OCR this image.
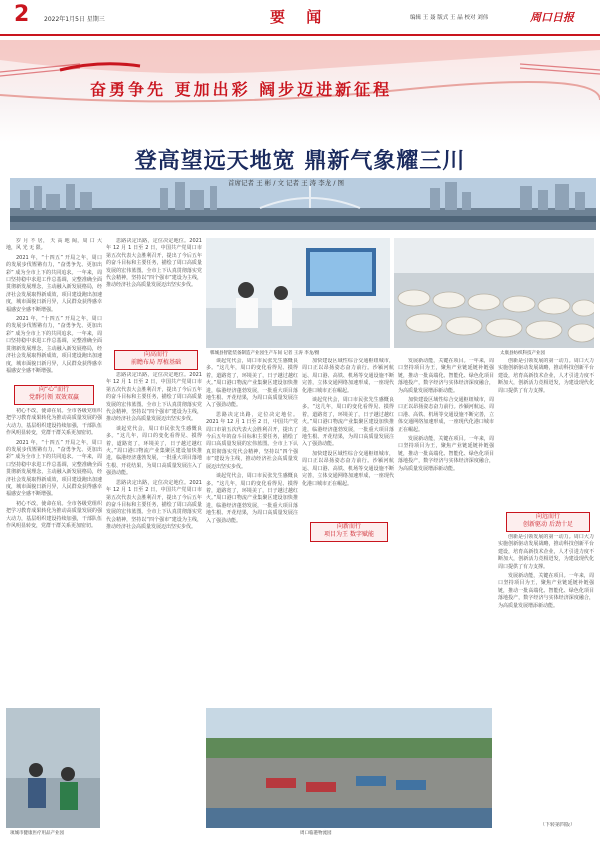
2 2022年1月5日 星期三	要 闻	编辑 王 聂 版式 王 晶 校对 刘伟	周口日报
奋勇争先 更加出彩 阔步迈进新征程
登高望远天地宽 鼎新气象耀三川
首席记者 王 彬 / 文 记者 王 涛 李龙 / 图

岁 月 不 居， 天 高 地 阔，周 口 大 地，风 光 无 限。

2021 年，“十四五” 开局之年，周口的发展步伐铿锵有力，“奋勇争先、更加出彩” 成为全市上下的共同追求。一年来，周口坚持稳中求进工作总基调，完整准确全面贯彻新发展理念，主动融入新发展格局，经济社会发展取得新成效，项目建设跑出加速度，城市面貌日新月异，人民群众获得感幸福感安全感不断增强。

2021 年，“十四五” 开局之年，周口的发展步伐铿锵有力，“奋勇争先、更加出彩” 成为全市上下的共同追求。一年来，周口坚持稳中求进工作总基调，完整准确全面贯彻新发展理念，主动融入新发展格局，经济社会发展取得新成效，项目建设跑出加速度，城市面貌日新月异，人民群众获得感幸福感安全感不断增强。

向“心”而行
党群引领 双效双赢

初心不改，使命在肩。全市各级党组织把学习教育成果转化为推动高质量发展的强大动力，基层组织建设持续加强，干部队伍作风明显转变，党群干群关系更加密切。

2021 年，“十四五” 开局之年，周口的发展步伐铿锵有力，“奋勇争先、更加出彩” 成为全市上下的共同追求。一年来，周口坚持稳中求进工作总基调，完整准确全面贯彻新发展理念，主动融入新发展格局，经济社会发展取得新成效，项目建设跑出加速度，城市面貌日新月异，人民群众获得感幸福感安全感不断增强。

初心不改，使命在肩。全市各级党组织把学习教育成果转化为推动高质量发展的强大动力，基层组织建设持续加强，干部队伍作风明显转变，党群干群关系更加密切。

思路决定出路，定位决定地位。2021 年 12 月 1 日至 2 日，中国共产党周口市第五次代表大会胜利召开，提出了今后五年的奋斗目标和主要任务，描绘了周口高质量发展的宏伟蓝图。全市上下认真贯彻落实党代会精神，坚持以“四个强市”建设为主线，推动经济社会高质量发展迈出坚实步伐。

向高而行
前瞻布局 厚植基础

思路决定出路，定位决定地位。2021 年 12 月 1 日至 2 日，中国共产党周口市第五次代表大会胜利召开，提出了今后五年的奋斗目标和主要任务，描绘了周口高质量发展的宏伟蓝图。全市上下认真贯彻落实党代会精神，坚持以“四个强市”建设为主线，推动经济社会高质量发展迈出坚实步伐。

谈起党代会，周口市民张先生感慨良多。“这几年，周口的变化看得见、摸得着，道路宽了，环境美了，日子越过越红火。”周口港口物流产业集聚区建设加快推进，临港经济蓬勃发展，一批重大项目落地生根、开花结果，为周口高质量发展注入了强劲动能。

思路决定出路，定位决定地位。2021 年 12 月 1 日至 2 日，中国共产党周口市第五次代表大会胜利召开，提出了今后五年的奋斗目标和主要任务，描绘了周口高质量发展的宏伟蓝图。全市上下认真贯彻落实党代会精神，坚持以“四个强市”建设为主线，推动经济社会高质量发展迈出坚实步伐。

郸城县智能装备制造产业园生产车间 记者 王涛 李龙/摄	太康县纺织科技产业园

谈起党代会，周口市民张先生感慨良多。“这几年，周口的变化看得见、摸得着，道路宽了，环境美了，日子越过越红火。”周口港口物流产业集聚区建设加快推进，临港经济蓬勃发展，一批重大项目落地生根、开花结果，为周口高质量发展注入了强劲动能。

思路决定出路，定位决定地位。2021 年 12 月 1 日至 2 日，中国共产党周口市第五次代表大会胜利召开，提出了今后五年的奋斗目标和主要任务，描绘了周口高质量发展的宏伟蓝图。全市上下认真贯彻落实党代会精神，坚持以“四个强市”建设为主线，推动经济社会高质量发展迈出坚实步伐。

谈起党代会，周口市民张先生感慨良多。“这几年，周口的变化看得见、摸得着，道路宽了，环境美了，日子越过越红火。”周口港口物流产业集聚区建设加快推进，临港经济蓬勃发展，一批重大项目落地生根、开花结果，为周口高质量发展注入了强劲动能。

加快建设区域性综合交通枢纽城市，周口正以昂扬姿态奋力前行。沙颍河航运、周口港、高铁、机场等交通设施不断完善，立体交通网络加速形成，一座现代化港口城市正在崛起。

谈起党代会，周口市民张先生感慨良多。“这几年，周口的变化看得见、摸得着，道路宽了，环境美了，日子越过越红火。”周口港口物流产业集聚区建设加快推进，临港经济蓬勃发展，一批重大项目落地生根、开花结果，为周口高质量发展注入了强劲动能。

加快建设区域性综合交通枢纽城市，周口正以昂扬姿态奋力前行。沙颍河航运、周口港、高铁、机场等交通设施不断完善，立体交通网络加速形成，一座现代化港口城市正在崛起。

向新而行
项目为王 数字赋能

发展新动能，关键在项目。一年来，周口坚持项目为王，聚焦产业链延链补链强链，推动一批高端化、智能化、绿色化项目落地投产，数字经济与实体经济深度融合，为高质量发展增添新动能。

加快建设区域性综合交通枢纽城市，周口正以昂扬姿态奋力前行。沙颍河航运、周口港、高铁、机场等交通设施不断完善，立体交通网络加速形成，一座现代化港口城市正在崛起。

发展新动能，关键在项目。一年来，周口坚持项目为王，聚焦产业链延链补链强链，推动一批高端化、智能化、绿色化项目落地投产，数字经济与实体经济深度融合，为高质量发展增添新动能。

创新是引领发展的第一动力。周口大力实施创新驱动发展战略，推动科技创新平台建设，培育高新技术企业，人才引进力度不断加大，创新活力竞相迸发，为建设现代化周口提供了有力支撑。

向远而行
创新驱动 后劲十足

创新是引领发展的第一动力。周口大力实施创新驱动发展战略，推动科技创新平台建设，培育高新技术企业，人才引进力度不断加大，创新活力竞相迸发，为建设现代化周口提供了有力支撑。

发展新动能，关键在项目。一年来，周口坚持项目为王，聚焦产业链延链补链强链，推动一批高端化、智能化、绿色化项目落地投产，数字经济与实体经济深度融合，为高质量发展增添新动能。

（下转第四版）
项城市健康医疗用品产业园	周口临港物流园
